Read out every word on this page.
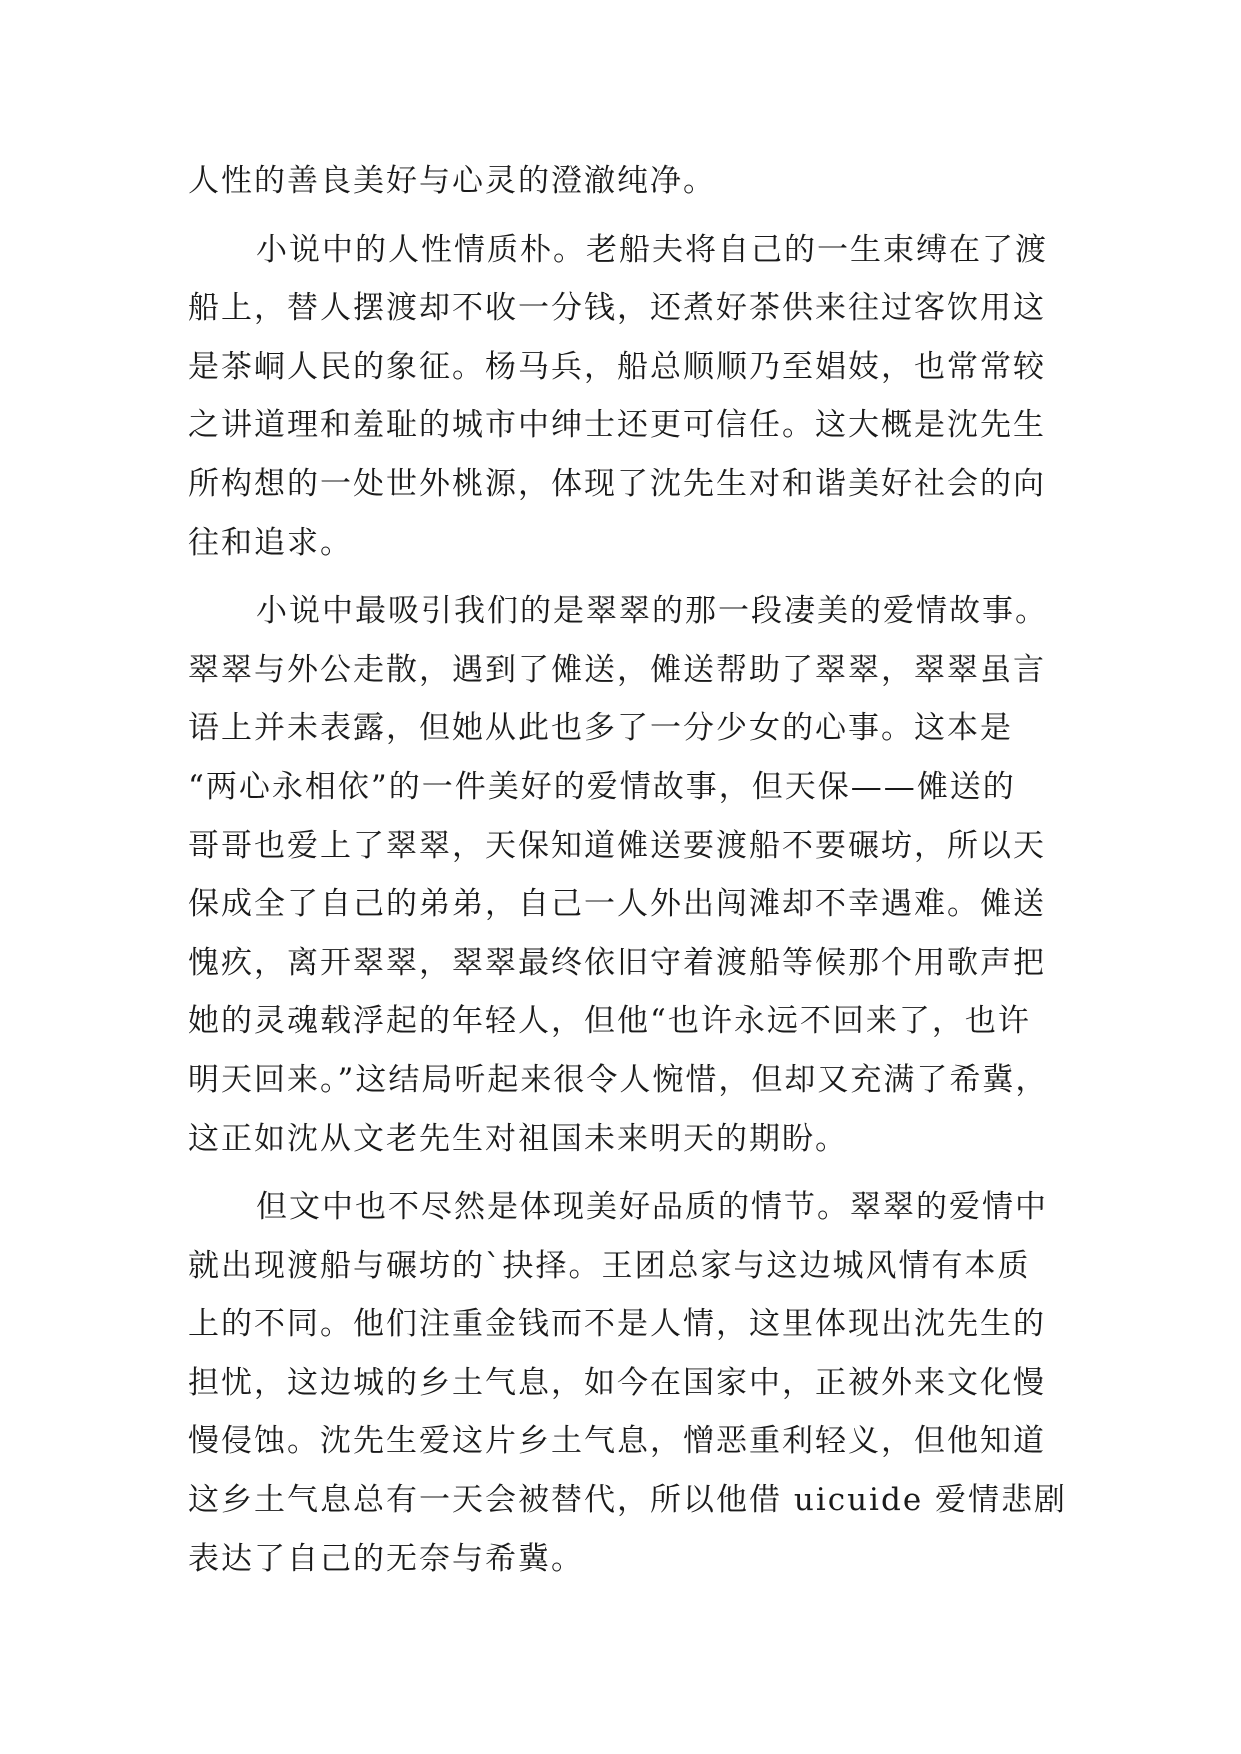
人性的善良美好与心灵的澄澈纯净。
小说中的人性情质朴。老船夫将自己的一生束缚在了渡
船上，替人摆渡却不收一分钱，还煮好茶供来往过客饮用这
是茶峒人民的象征。杨马兵，船总顺顺乃至娼妓，也常常较
之讲道理和羞耻的城市中绅士还更可信任。这大概是沈先生
所构想的一处世外桃源，体现了沈先生对和谐美好社会的向
往和追求。
小说中最吸引我们的是翠翠的那一段凄美的爱情故事。
翠翠与外公走散，遇到了傩送，傩送帮助了翠翠，翠翠虽言
语上并未表露，但她从此也多了一分少女的心事。这本是
“两心永相依”的一件美好的爱情故事，但天保——傩送的
哥哥也爱上了翠翠，天保知道傩送要渡船不要碾坊，所以天
保成全了自己的弟弟，自己一人外出闯滩却不幸遇难。傩送
愧疚，离开翠翠，翠翠最终依旧守着渡船等候那个用歌声把
她的灵魂载浮起的年轻人，但他“也许永远不回来了，也许
明天回来。”这结局听起来很令人惋惜，但却又充满了希冀，
这正如沈从文老先生对祖国未来明天的期盼。
但文中也不尽然是体现美好品质的情节。翠翠的爱情中
就出现渡船与碾坊的`抉择。王团总家与这边城风情有本质
上的不同。他们注重金钱而不是人情，这里体现出沈先生的
担忧，这边城的乡土气息，如今在国家中，正被外来文化慢
慢侵蚀。沈先生爱这片乡土气息，憎恶重利轻义，但他知道
这乡土气息总有一天会被替代，所以他借 uicuide 爱情悲剧
表达了自己的无奈与希冀。
